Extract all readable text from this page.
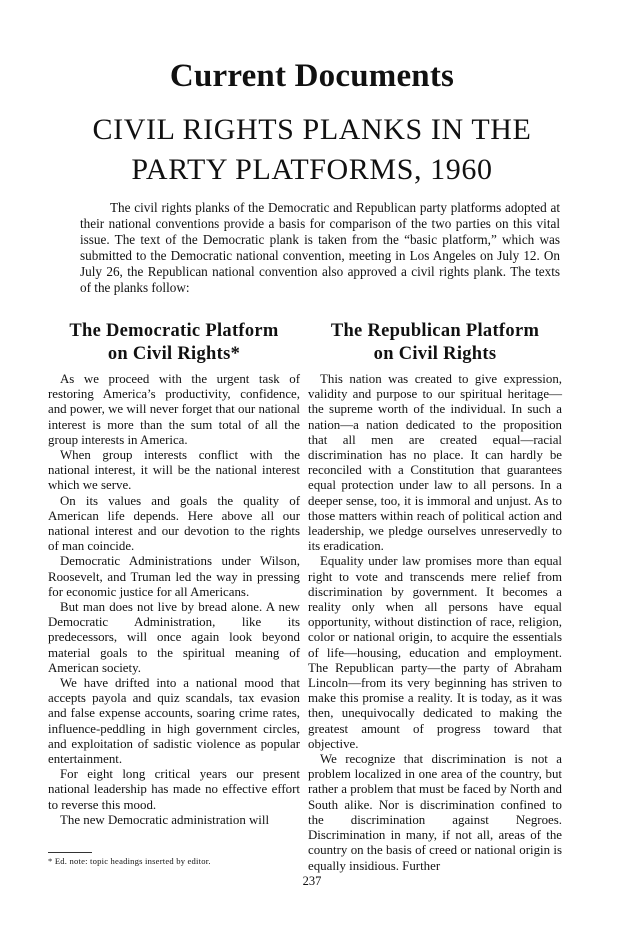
Current Documents
CIVIL RIGHTS PLANKS IN THE
PARTY PLATFORMS, 1960
The civil rights planks of the Democratic and Republican party platforms adopted at their national conventions provide a basis for comparison of the two parties on this vital issue. The text of the Democratic plank is taken from the “basic platform,” which was submitted to the Democratic national convention, meeting in Los Angeles on July 12. On July 26, the Republican national convention also approved a civil rights plank. The texts of the planks follow:
The Democratic Platform
on Civil Rights*

As we proceed with the urgent task of restoring America’s productivity, confidence, and power, we will never forget that our national interest is more than the sum total of all the group interests in America.

When group interests conflict with the national interest, it will be the national interest which we serve.

On its values and goals the quality of American life depends. Here above all our national interest and our devotion to the rights of man coincide.

Democratic Administrations under Wilson, Roosevelt, and Truman led the way in pressing for economic justice for all Americans.

But man does not live by bread alone. A new Democratic Administration, like its predecessors, will once again look beyond material goals to the spiritual meaning of American society.

We have drifted into a national mood that accepts payola and quiz scandals, tax evasion and false expense accounts, soaring crime rates, influence-peddling in high government circles, and exploitation of sadistic violence as popular entertainment.

For eight long critical years our present national leadership has made no effective effort to reverse this mood.

The new Democratic administration will

The Republican Platform
on Civil Rights

This nation was created to give expression, validity and purpose to our spiritual heritage—the supreme worth of the individual. In such a nation—a nation dedicated to the proposition that all men are created equal—racial discrimination has no place. It can hardly be reconciled with a Constitution that guarantees equal protection under law to all persons. In a deeper sense, too, it is immoral and unjust. As to those matters within reach of political action and leadership, we pledge ourselves unreservedly to its eradication.

Equality under law promises more than equal right to vote and transcends mere relief from discrimination by government. It becomes a reality only when all persons have equal opportunity, without distinction of race, religion, color or national origin, to acquire the essentials of life—housing, education and employment. The Republican party—the party of Abraham Lincoln—from its very beginning has striven to make this promise a reality. It is today, as it was then, unequivocally dedicated to making the greatest amount of progress toward that objective.

We recognize that discrimination is not a problem localized in one area of the country, but rather a problem that must be faced by North and South alike. Nor is discrimination confined to the discrimination against Negroes. Discrimination in many, if not all, areas of the country on the basis of creed or national origin is equally insidious. Further

* Ed. note: topic headings inserted by editor.
237
